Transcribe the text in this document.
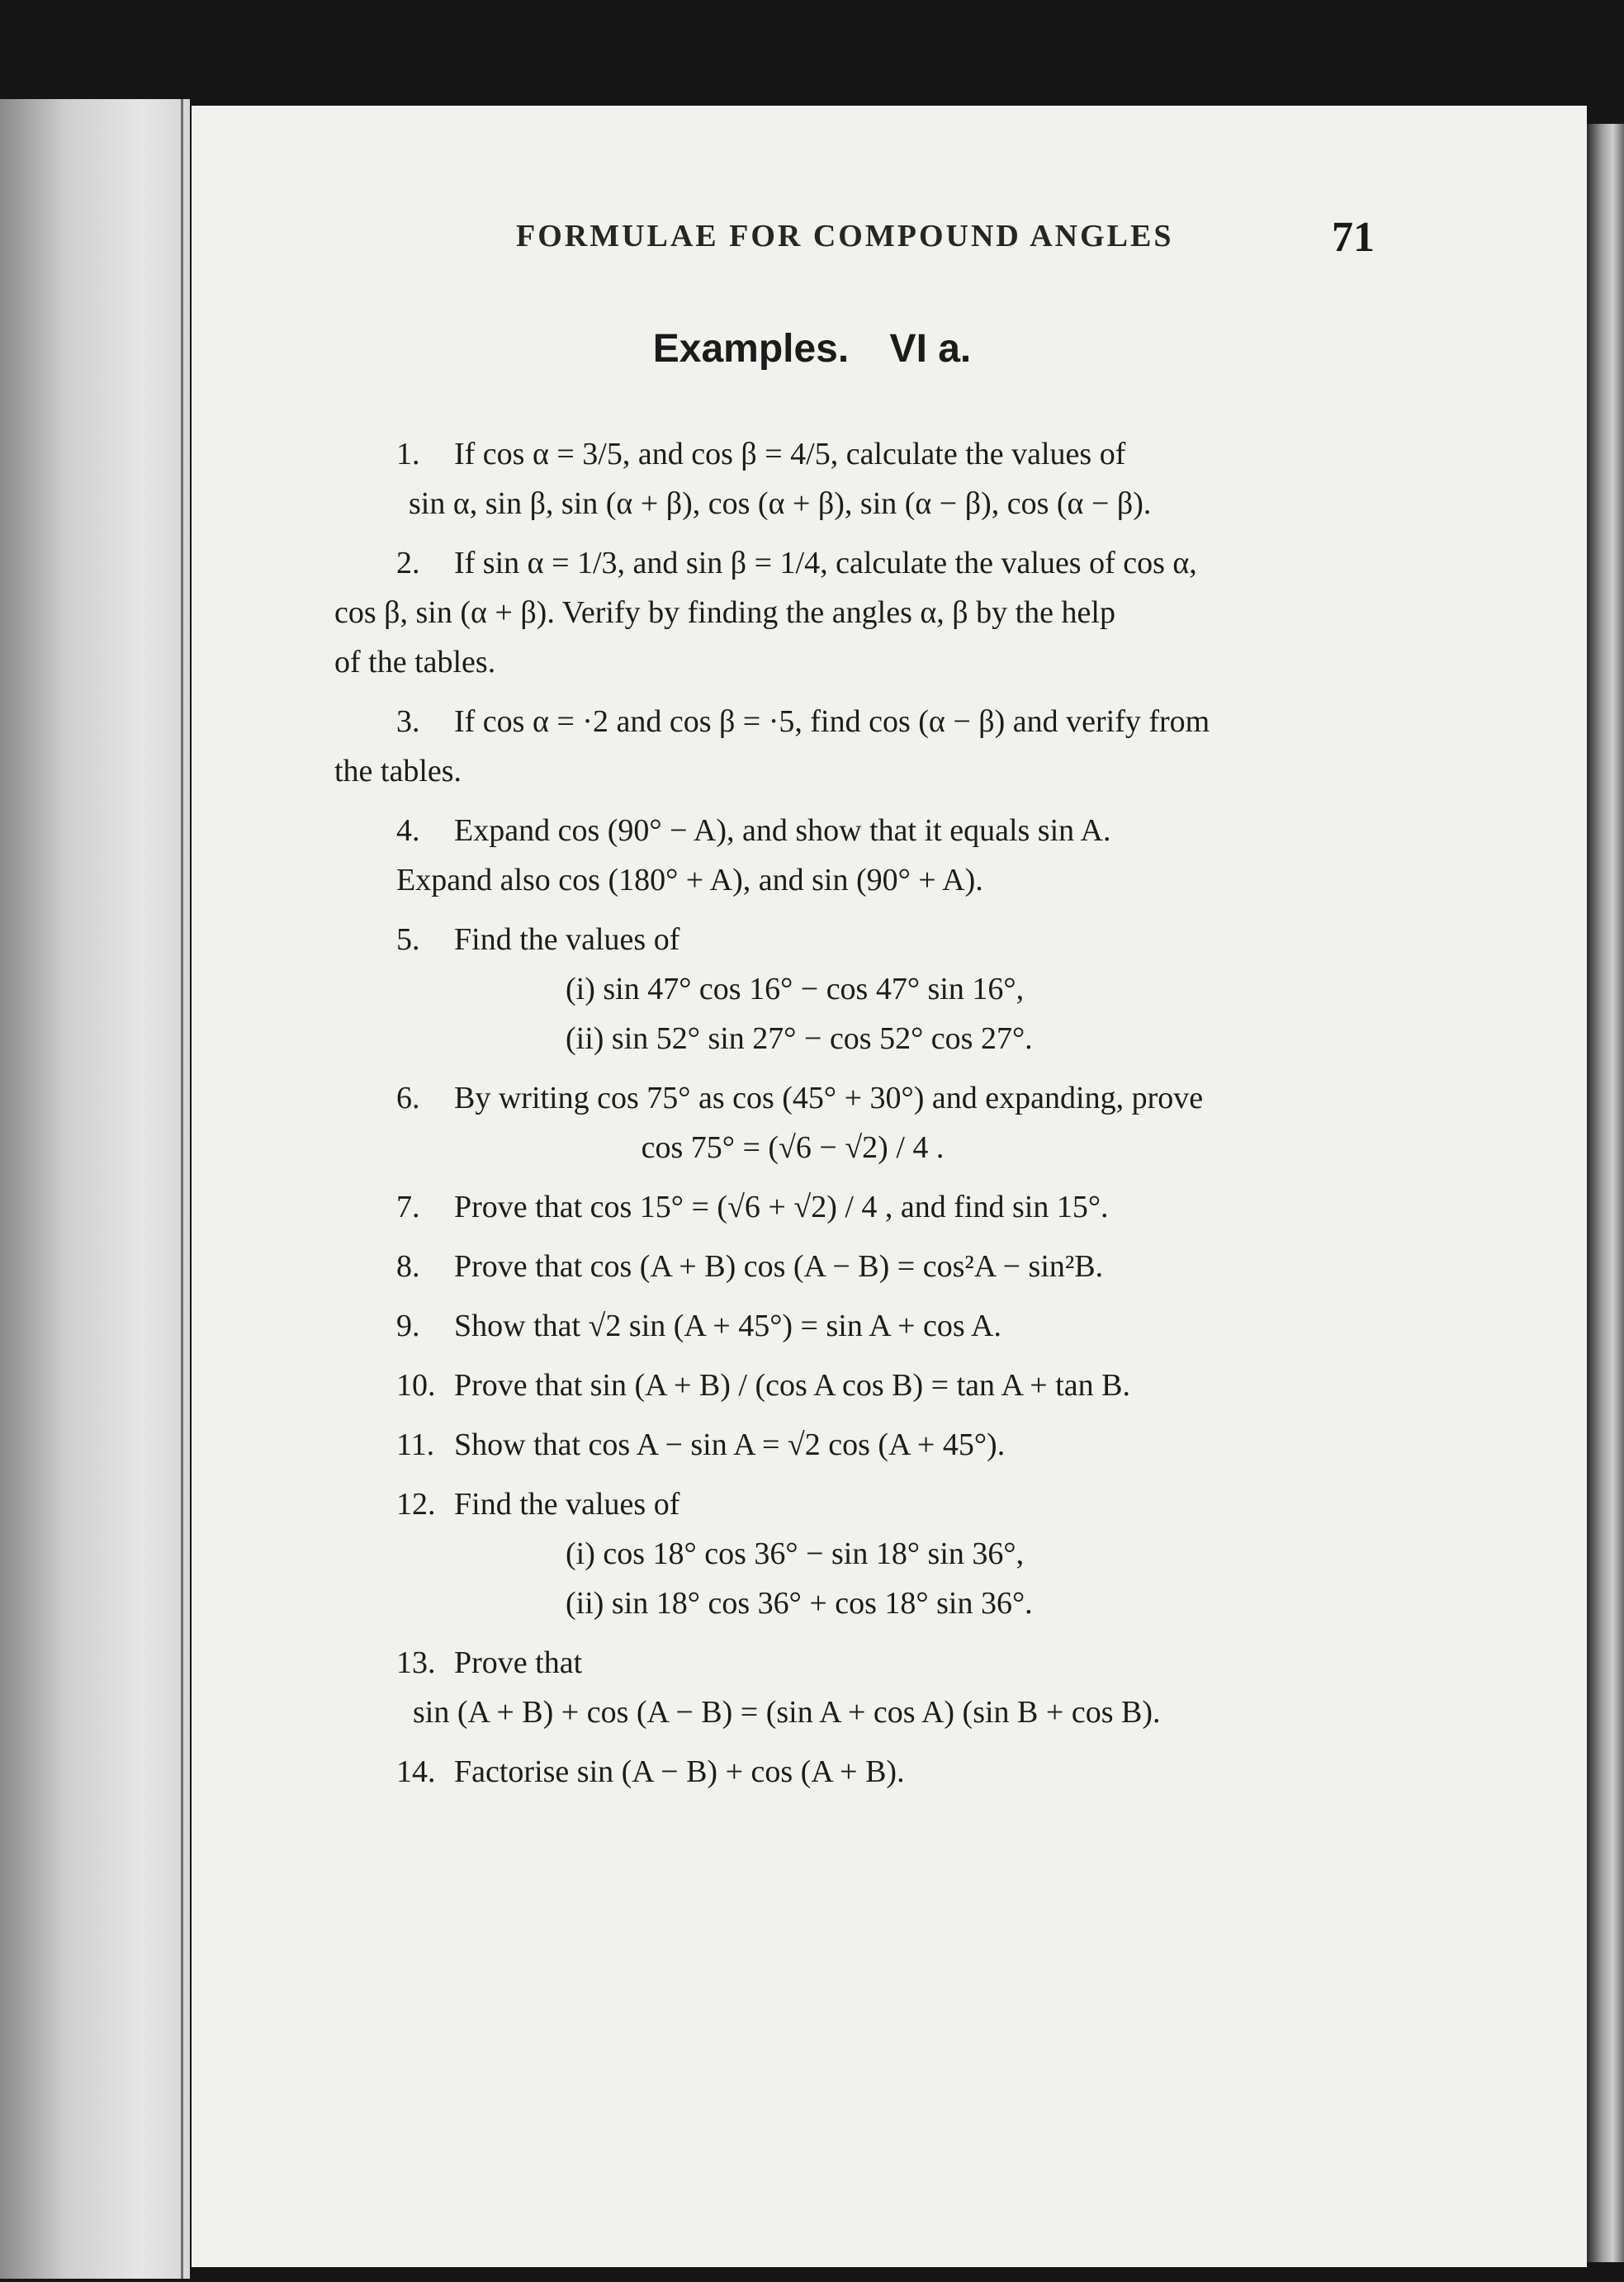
FORMULAE FOR COMPOUND ANGLES	71
Examples. VI a.
1. If cos α = 3/5, and cos β = 4/5, calculate the values of
sin α, sin β, sin (α + β), cos (α + β), sin (α − β), cos (α − β).
2. If sin α = 1/3, and sin β = 1/4, calculate the values of cos α,
cos β, sin (α + β). Verify by finding the angles α, β by the help
of the tables.
3. If cos α = ·2 and cos β = ·5, find cos (α − β) and verify from
the tables.
4. Expand cos (90° − A), and show that it equals sin A.
Expand also cos (180° + A), and sin (90° + A).
5. Find the values of
(i) sin 47° cos 16° − cos 47° sin 16°,
(ii) sin 52° sin 27° − cos 52° cos 27°.
6. By writing cos 75° as cos (45° + 30°) and expanding, prove
cos 75° = (√6 − √2) / 4 .
7. Prove that cos 15° = (√6 + √2) / 4 , and find sin 15°.
8. Prove that cos (A + B) cos (A − B) = cos²A − sin²B.
9. Show that √2 sin (A + 45°) = sin A + cos A.
10. Prove that sin (A + B) / (cos A cos B) = tan A + tan B.
11. Show that cos A − sin A = √2 cos (A + 45°).
12. Find the values of
(i) cos 18° cos 36° − sin 18° sin 36°,
(ii) sin 18° cos 36° + cos 18° sin 36°.
13. Prove that
sin (A + B) + cos (A − B) = (sin A + cos A) (sin B + cos B).
14. Factorise sin (A − B) + cos (A + B).
